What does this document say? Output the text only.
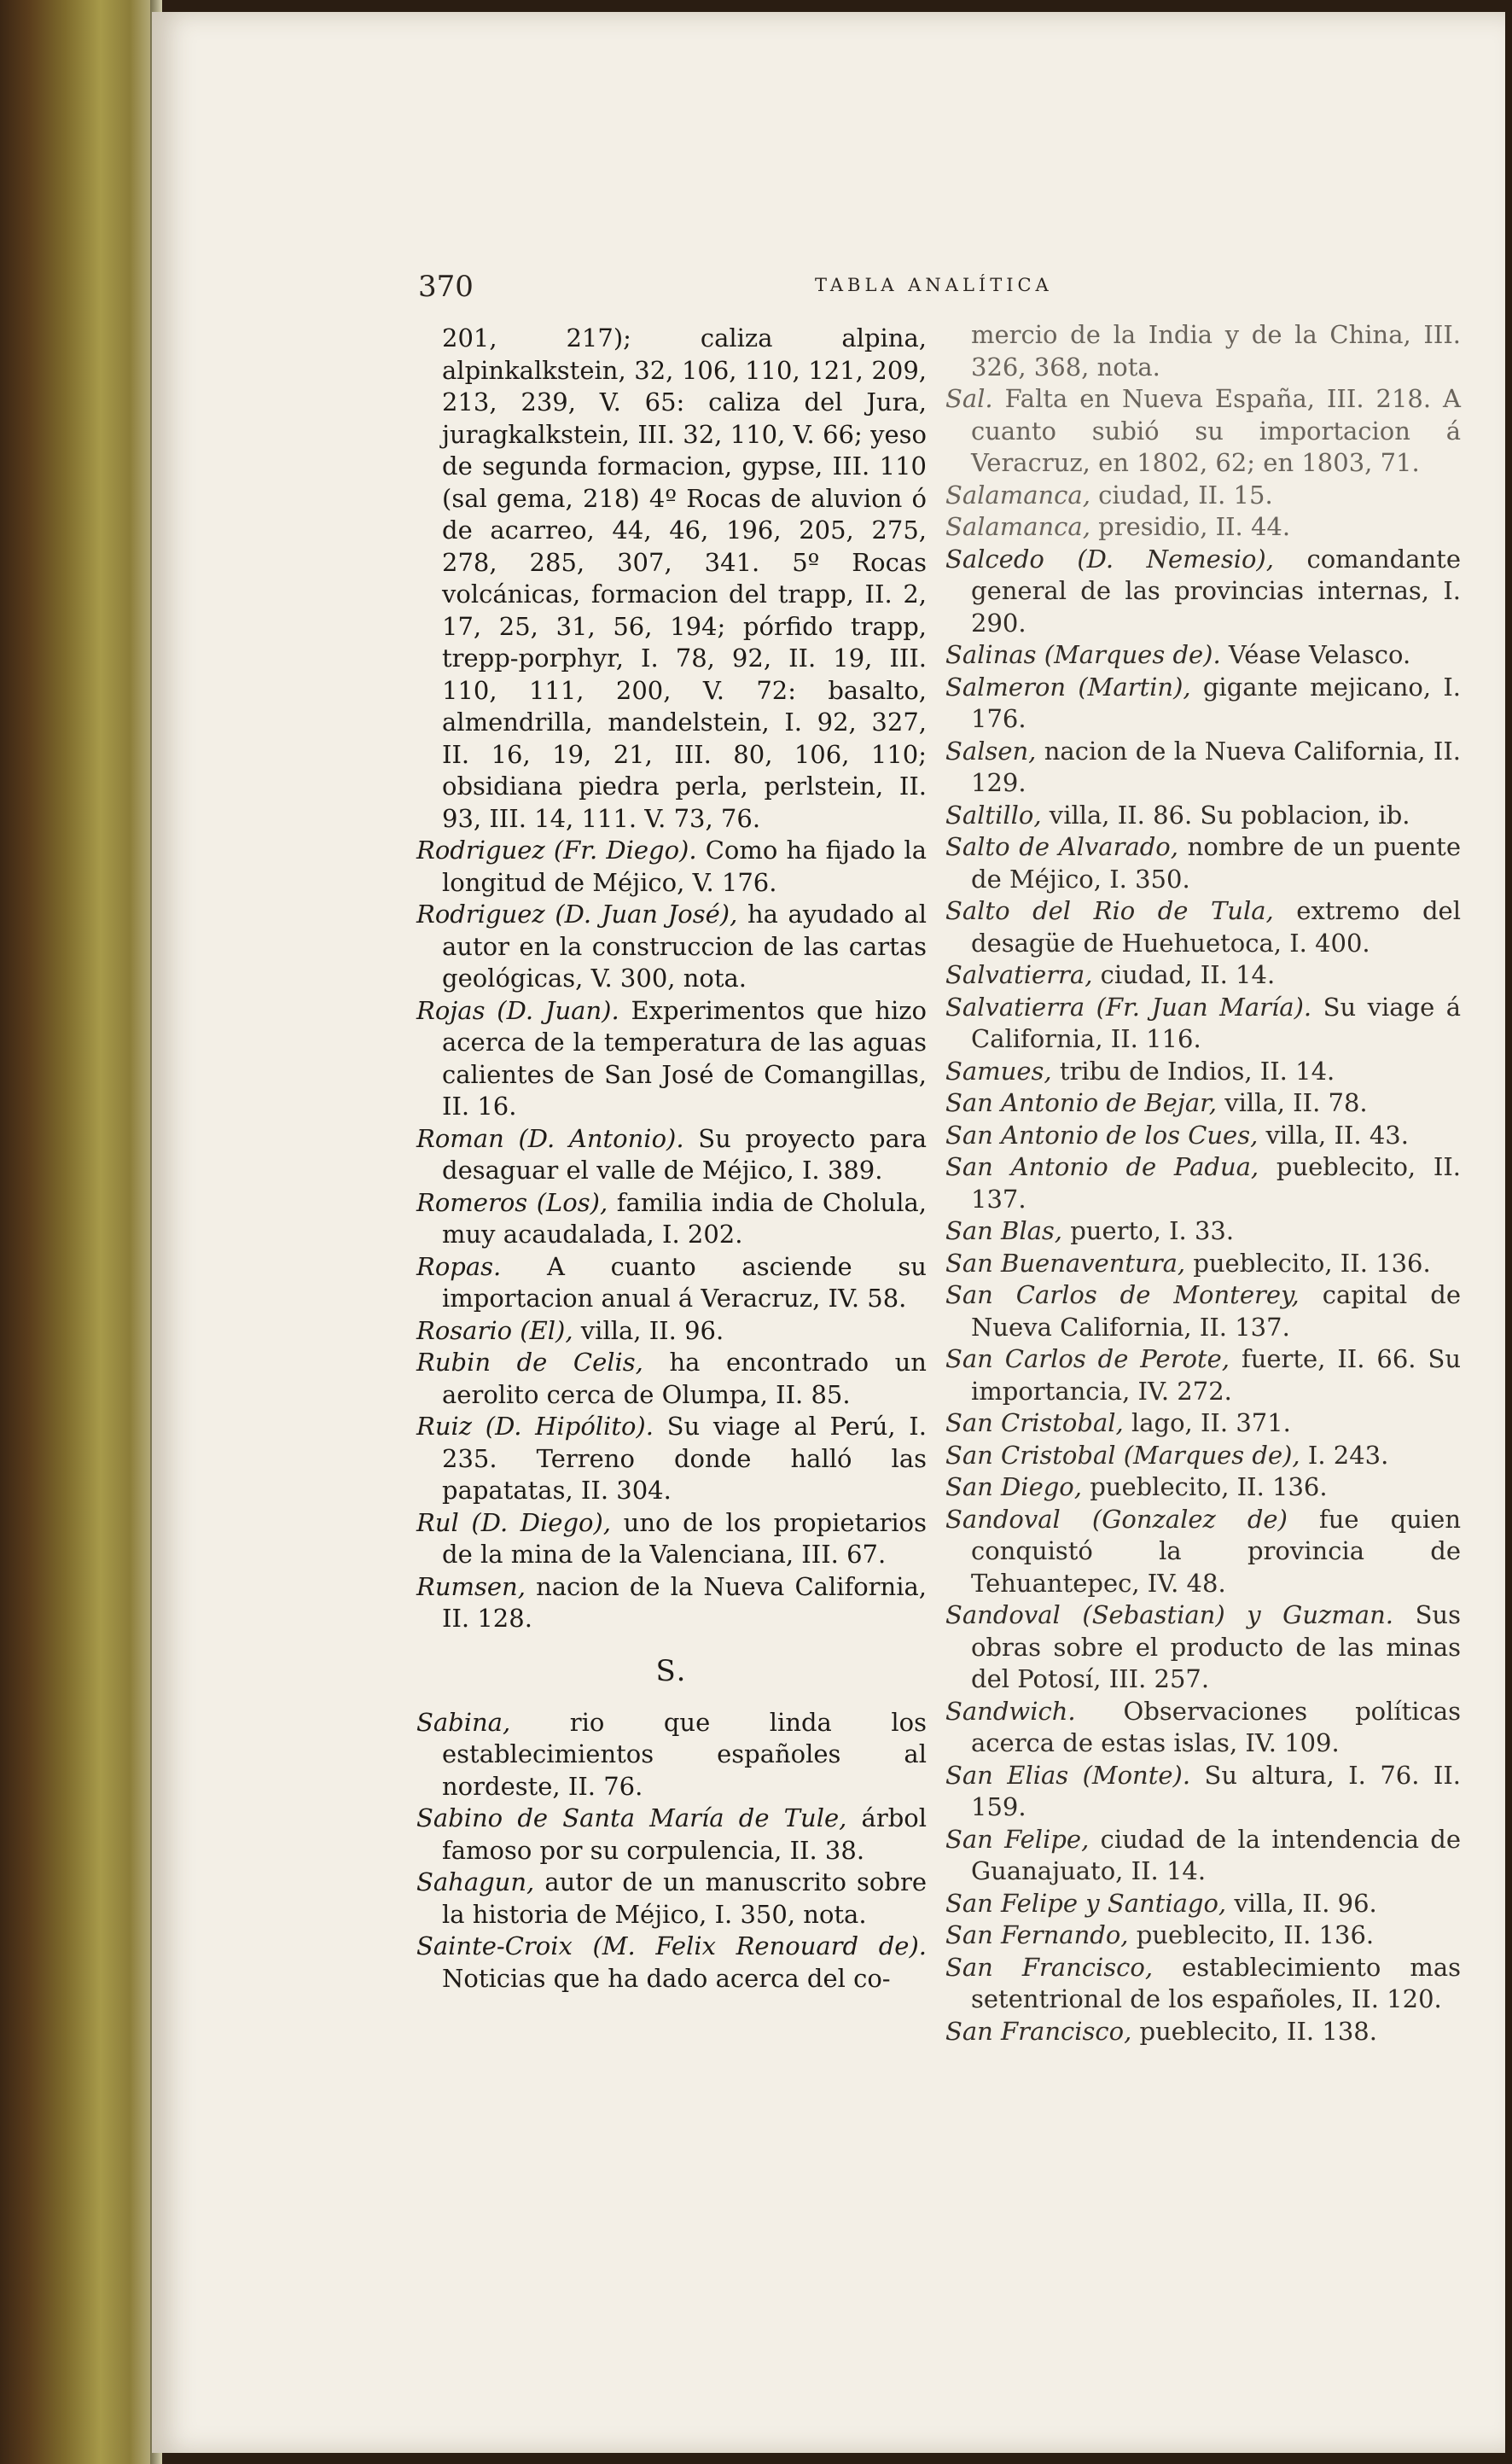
370	TABLA ANALÍTICA
201, 217); caliza alpina, alpinkalkstein, 32, 106, 110, 121, 209, 213, 239, V. 65: caliza del Jura, juragkalkstein, III. 32, 110, V. 66; yeso de segunda formacion, gypse, III. 110 (sal gema, 218) 4º Rocas de aluvion ó de acarreo, 44, 46, 196, 205, 275, 278, 285, 307, 341. 5º Rocas volcánicas, formacion del trapp, II. 2, 17, 25, 31, 56, 194; pórfido trapp, trepp-porphyr, I. 78, 92, II. 19, III. 110, 111, 200, V. 72: basalto, almendrilla, mandelstein, I. 92, 327, II. 16, 19, 21, III. 80, 106, 110; obsidiana piedra perla, perlstein, II. 93, III. 14, 111. V. 73, 76.
Rodriguez (Fr. Diego). Como ha fijado la longitud de Méjico, V. 176.
Rodriguez (D. Juan José), ha ayudado al autor en la construccion de las cartas geológicas, V. 300, nota.
Rojas (D. Juan). Experimentos que hizo acerca de la temperatura de las aguas calientes de San José de Comangillas, II. 16.
Roman (D. Antonio). Su proyecto para desaguar el valle de Méjico, I. 389.
Romeros (Los), familia india de Cholula, muy acaudalada, I. 202.
Ropas. A cuanto asciende su importacion anual á Veracruz, IV. 58.
Rosario (El), villa, II. 96.
Rubin de Celis, ha encontrado un aerolito cerca de Olumpa, II. 85.
Ruiz (D. Hipólito). Su viage al Perú, I. 235. Terreno donde halló las papatatas, II. 304.
Rul (D. Diego), uno de los propietarios de la mina de la Valenciana, III. 67.
Rumsen, nacion de la Nueva California, II. 128.
S.
Sabina, rio que linda los establecimientos españoles al nordeste, II. 76.
Sabino de Santa María de Tule, árbol famoso por su corpulencia, II. 38.
Sahagun, autor de un manuscrito sobre la historia de Méjico, I. 350, nota.
Sainte-Croix (M. Felix Renouard de). Noticias que ha dado acerca del co-
mercio de la India y de la China, III. 326, 368, nota.
Sal. Falta en Nueva España, III. 218. A cuanto subió su importacion á Veracruz, en 1802, 62; en 1803, 71.
Salamanca, ciudad, II. 15.
Salamanca, presidio, II. 44.
Salcedo (D. Nemesio), comandante general de las provincias internas, I. 290.
Salinas (Marques de). Véase Velasco.
Salmeron (Martin), gigante mejicano, I. 176.
Salsen, nacion de la Nueva California, II. 129.
Saltillo, villa, II. 86. Su poblacion, ib.
Salto de Alvarado, nombre de un puente de Méjico, I. 350.
Salto del Rio de Tula, extremo del desagüe de Huehuetoca, I. 400.
Salvatierra, ciudad, II. 14.
Salvatierra (Fr. Juan María). Su viage á California, II. 116.
Samues, tribu de Indios, II. 14.
San Antonio de Bejar, villa, II. 78.
San Antonio de los Cues, villa, II. 43.
San Antonio de Padua, pueblecito, II. 137.
San Blas, puerto, I. 33.
San Buenaventura, pueblecito, II. 136.
San Carlos de Monterey, capital de Nueva California, II. 137.
San Carlos de Perote, fuerte, II. 66. Su importancia, IV. 272.
San Cristobal, lago, II. 371.
San Cristobal (Marques de), I. 243.
San Diego, pueblecito, II. 136.
Sandoval (Gonzalez de) fue quien conquistó la provincia de Tehuantepec, IV. 48.
Sandoval (Sebastian) y Guzman. Sus obras sobre el producto de las minas del Potosí, III. 257.
Sandwich. Observaciones políticas acerca de estas islas, IV. 109.
San Elias (Monte). Su altura, I. 76. II. 159.
San Felipe, ciudad de la intendencia de Guanajuato, II. 14.
San Felipe y Santiago, villa, II. 96.
San Fernando, pueblecito, II. 136.
San Francisco, establecimiento mas setentrional de los españoles, II. 120.
San Francisco, pueblecito, II. 138.
